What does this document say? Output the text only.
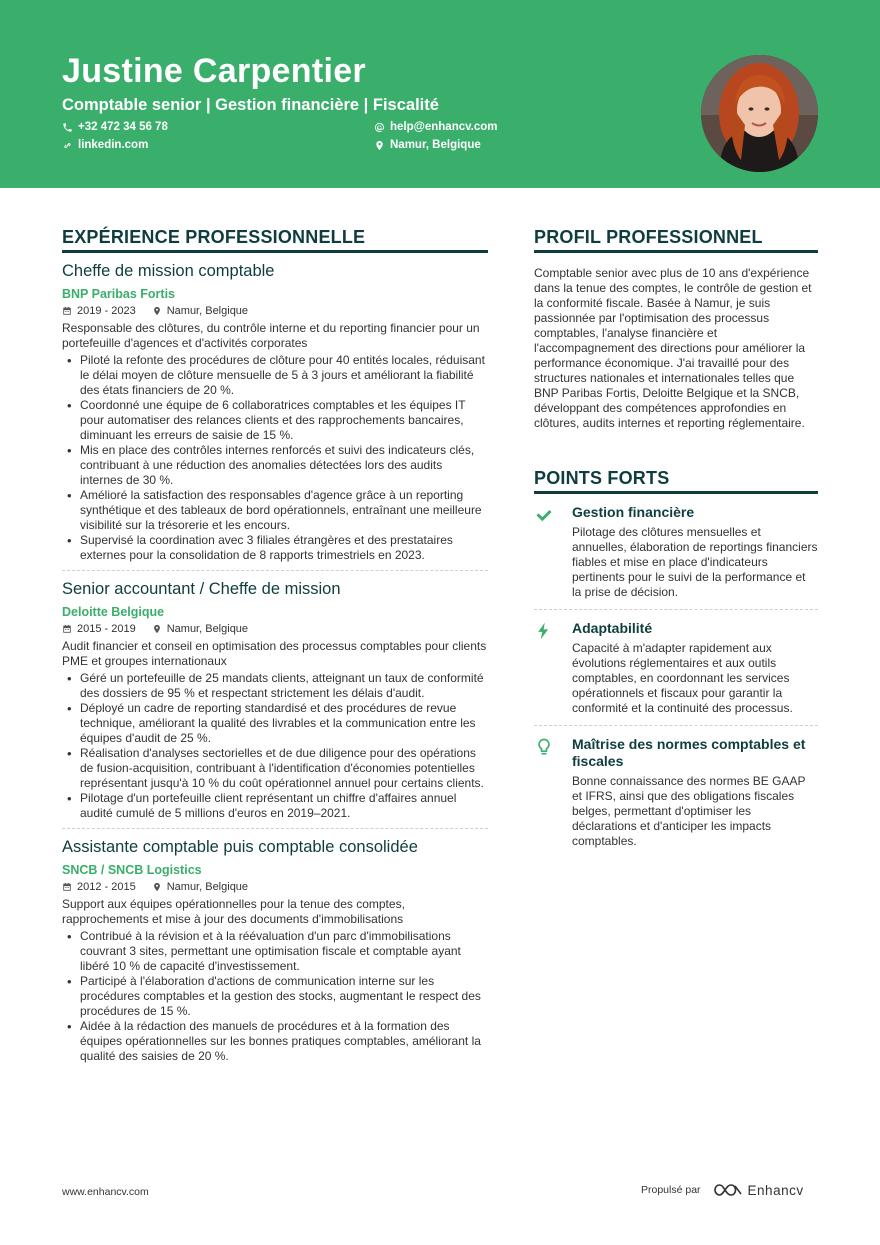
Justine Carpentier
Comptable senior | Gestion financière | Fiscalité
+32 472 34 56 78
linkedin.com
help@enhancv.com
Namur, Belgique
EXPÉRIENCE PROFESSIONNELLE
Cheffe de mission comptable
BNP Paribas Fortis
2019 - 2023	Namur, Belgique
Responsable des clôtures, du contrôle interne et du reporting financier pour un portefeuille d'agences et d'activités corporates
• Piloté la refonte des procédures de clôture pour 40 entités locales, réduisant le délai moyen de clôture mensuelle de 5 à 3 jours et améliorant la fiabilité des états financiers de 20 %.
• Coordonné une équipe de 6 collaboratrices comptables et les équipes IT pour automatiser des relances clients et des rapprochements bancaires, diminuant les erreurs de saisie de 15 %.
• Mis en place des contrôles internes renforcés et suivi des indicateurs clés, contribuant à une réduction des anomalies détectées lors des audits internes de 30 %.
• Amélioré la satisfaction des responsables d'agence grâce à un reporting synthétique et des tableaux de bord opérationnels, entraînant une meilleure visibilité sur la trésorerie et les encours.
• Supervisé la coordination avec 3 filiales étrangères et des prestataires externes pour la consolidation de 8 rapports trimestriels en 2023.
Senior accountant / Cheffe de mission
Deloitte Belgique
2015 - 2019	Namur, Belgique
Audit financier et conseil en optimisation des processus comptables pour clients PME et groupes internationaux
• Géré un portefeuille de 25 mandats clients, atteignant un taux de conformité des dossiers de 95 % et respectant strictement les délais d'audit.
• Déployé un cadre de reporting standardisé et des procédures de revue technique, améliorant la qualité des livrables et la communication entre les équipes d'audit de 25 %.
• Réalisation d'analyses sectorielles et de due diligence pour des opérations de fusion-acquisition, contribuant à l'identification d'économies potentielles représentant jusqu'à 10 % du coût opérationnel annuel pour certains clients.
• Pilotage d'un portefeuille client représentant un chiffre d'affaires annuel audité cumulé de 5 millions d'euros en 2019–2021.
Assistante comptable puis comptable consolidée
SNCB / SNCB Logistics
2012 - 2015	Namur, Belgique
Support aux équipes opérationnelles pour la tenue des comptes, rapprochements et mise à jour des documents d'immobilisations
• Contribué à la révision et à la réévaluation d'un parc d'immobilisations couvrant 3 sites, permettant une optimisation fiscale et comptable ayant libéré 10 % de capacité d'investissement.
• Participé à l'élaboration d'actions de communication interne sur les procédures comptables et la gestion des stocks, augmentant le respect des procédures de 15 %.
• Aidée à la rédaction des manuels de procédures et à la formation des équipes opérationnelles sur les bonnes pratiques comptables, améliorant la qualité des saisies de 20 %.
PROFIL PROFESSIONNEL
Comptable senior avec plus de 10 ans d'expérience dans la tenue des comptes, le contrôle de gestion et la conformité fiscale. Basée à Namur, je suis passionnée par l'optimisation des processus comptables, l'analyse financière et l'accompagnement des directions pour améliorer la performance économique. J'ai travaillé pour des structures nationales et internationales telles que BNP Paribas Fortis, Deloitte Belgique et la SNCB, développant des compétences approfondies en clôtures, audits internes et reporting réglementaire.
POINTS FORTS
Gestion financière
Pilotage des clôtures mensuelles et annuelles, élaboration de reportings financiers fiables et mise en place d'indicateurs pertinents pour le suivi de la performance et la prise de décision.
Adaptabilité
Capacité à m'adapter rapidement aux évolutions réglementaires et aux outils comptables, en coordonnant les services opérationnels et fiscaux pour garantir la conformité et la continuité des processus.
Maîtrise des normes comptables et fiscales
Bonne connaissance des normes BE GAAP et IFRS, ainsi que des obligations fiscales belges, permettant d'optimiser les déclarations et d'anticiper les impacts comptables.
www.enhancv.com	Propulsé par	Enhancv
